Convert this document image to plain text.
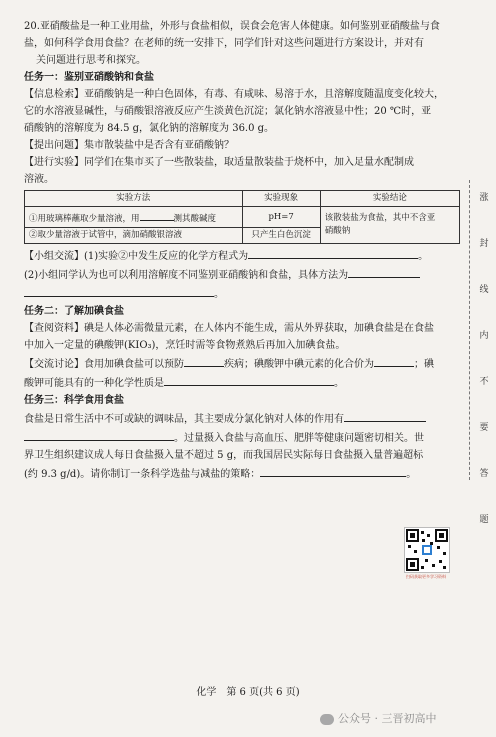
20.亚硝酸盐是一种工业用盐，外形与食盐相似，误食会危害人体健康。如何鉴别亚硝酸盐与食

盐，如何科学食用食盐？在老师的统一安排下，同学们针对这些问题进行方案设计，并对有

关问题进行思考和探究。

任务一：鉴别亚硝酸钠和食盐

【信息检索】亚硝酸钠是一种白色固体，有毒、有咸味、易溶于水，且溶解度随温度变化较大，

它的水溶液显碱性，与硝酸银溶液反应产生淡黄色沉淀；氯化钠水溶液显中性；20 ℃时，亚

硝酸钠的溶解度为 84.5 g，氯化钠的溶解度为 36.0 g。

【提出问题】集市散装盐中是否含有亚硝酸钠？

【进行实验】同学们在集市买了一些散装盐，取适量散装盐于烧杯中，加入足量水配制成

溶液。

实验方法	实验现象	实验结论
①用玻璃棒蘸取少量溶液，用 测其酸碱度	pH=7	该散装盐为食盐，其中不含亚
硝酸钠
②取少量溶液于试管中，滴加硝酸银溶液	只产生白色沉淀	

【小组交流】(1)实验②中发生反应的化学方程式为	。

(2)小组同学认为也可以利用溶解度不同鉴别亚硝酸钠和食盐，具体方法为

。

任务二：了解加碘食盐

【查阅资料】碘是人体必需微量元素，在人体内不能生成，需从外界获取，加碘食盐是在食盐

中加入一定量的碘酸钾(KIO₃)，烹饪时需等食物煮熟后再加入加碘食盐。

【交流讨论】食用加碘食盐可以预防	疾病；碘酸钾中碘元素的化合价为	；碘

酸钾可能具有的一种化学性质是	。

任务三：科学食用食盐

食盐是日常生活中不可或缺的调味品，其主要成分氯化钠对人体的作用有

。过量摄入食盐与高血压、肥胖等健康问题密切相关。世

界卫生组织建议成人每日食盐摄入量不超过 5 g，而我国居民实际每日食盐摄入量普遍超标

(约 9.3 g/d)。请你制订一条科学选盐与减盐的策略：	。

涨
封
线
内
不
要
答
题
扫码获取更多学习资料
化学　第 6 页(共 6 页)
公众号 · 三晋初高中
